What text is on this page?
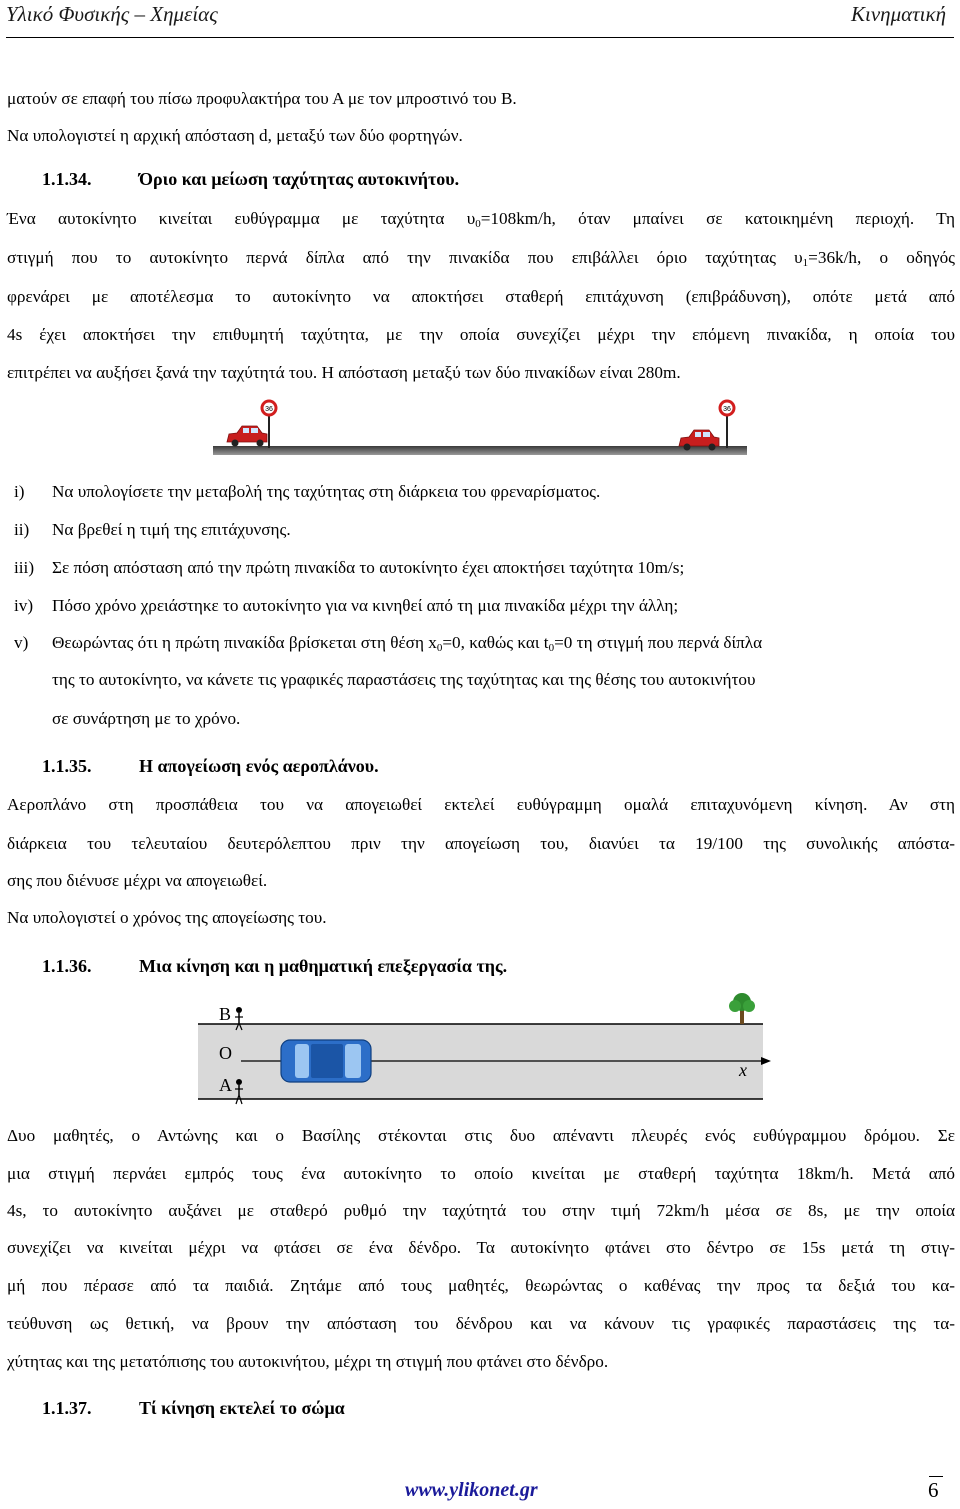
Υλικό Φυσικής – Χημείας	Κινηματική
ματούν σε επαφή του πίσω προφυλακτήρα του Α με τον μπροστινό του Β.
Να υπολογιστεί η αρχική απόσταση d, μεταξύ των δύο φορτηγών.
1.1.34.	Όριο και μείωση ταχύτητας αυτοκινήτου.
Ένα αυτοκίνητο κινείται ευθύγραμμα με ταχύτητα $\upsilon_0=108km/h$, όταν μπαίνει σε κατοικημένη περιοχή. Τη
στιγμή που το αυτοκίνητο περνά δίπλα από την πινακίδα που επιβάλλει όριο ταχύτητας $\upsilon_1=36k/h$, ο οδηγός
φρενάρει με αποτέλεσμα το αυτοκίνητο να αποκτήσει σταθερή επιτάχυνση (επιβράδυνση), οπότε μετά από
4s έχει αποκτήσει την επιθυμητή ταχύτητα, με την οποία συνεχίζει μέχρι την επόμενη πινακίδα, η οποία του
επιτρέπει να αυξήσει ξανά την ταχύτητά του. Η απόσταση μεταξύ των δύο πινακίδων είναι 280m.
36	36
i) Να υπολογίσετε την μεταβολή της ταχύτητας στη διάρκεια του φρεναρίσματος.
ii) Να βρεθεί η τιμή της επιτάχυνσης.
iii) Σε πόση απόσταση από την πρώτη πινακίδα το αυτοκίνητο έχει αποκτήσει ταχύτητα 10m/s;
iv) Πόσο χρόνο χρειάστηκε το αυτοκίνητο για να κινηθεί από τη μια πινακίδα μέχρι την άλλη;
v) Θεωρώντας ότι η πρώτη πινακίδα βρίσκεται στη θέση $x_0=0$, καθώς και $t_0=0$ τη στιγμή που περνά δίπλα
της το αυτοκίνητο, να κάνετε τις γραφικές παραστάσεις της ταχύτητας και της θέσης του αυτοκινήτου
σε συνάρτηση με το χρόνο.
1.1.35.	Η απογείωση ενός αεροπλάνου.
Αεροπλάνο στη προσπάθεια του να απογειωθεί εκτελεί ευθύγραμμη ομαλά επιταχυνόμενη κίνηση. Αν στη
διάρκεια του τελευταίου δευτερόλεπτου πριν την απογείωση του, διανύει τα 19/100 της συνολικής απόστα-
σης που διένυσε μέχρι να απογειωθεί.
Να υπολογιστεί ο χρόνος της απογείωσης του.
1.1.36.	Μια κίνηση και η μαθηματική επεξεργασία της.
Β
Ο
Α
x
Δυο μαθητές, ο Αντώνης και ο Βασίλης στέκονται στις δυο απέναντι πλευρές ενός ευθύγραμμου δρόμου. Σε
μια στιγμή περνάει εμπρός τους ένα αυτοκίνητο το οποίο κινείται με σταθερή ταχύτητα 18km/h. Μετά από
4s, το αυτοκίνητο αυξάνει με σταθερό ρυθμό την ταχύτητά του στην τιμή 72km/h μέσα σε 8s, με την οποία
συνεχίζει να κινείται μέχρι να φτάσει σε ένα δένδρο. Τα αυτοκίνητο φτάνει στο δέντρο σε 15s μετά τη στιγ-
μή που πέρασε από τα παιδιά. Ζητάμε από τους μαθητές, θεωρώντας ο καθένας την προς τα δεξιά του κα-
τεύθυνση ως θετική, να βρουν την απόσταση του δένδρου και να κάνουν τις γραφικές παραστάσεις της τα-
χύτητας και της μετατόπισης του αυτοκινήτου, μέχρι τη στιγμή που φτάνει στο δένδρο.
1.1.37.	Τί κίνηση εκτελεί το σώμα
www.ylikonet.gr	6
